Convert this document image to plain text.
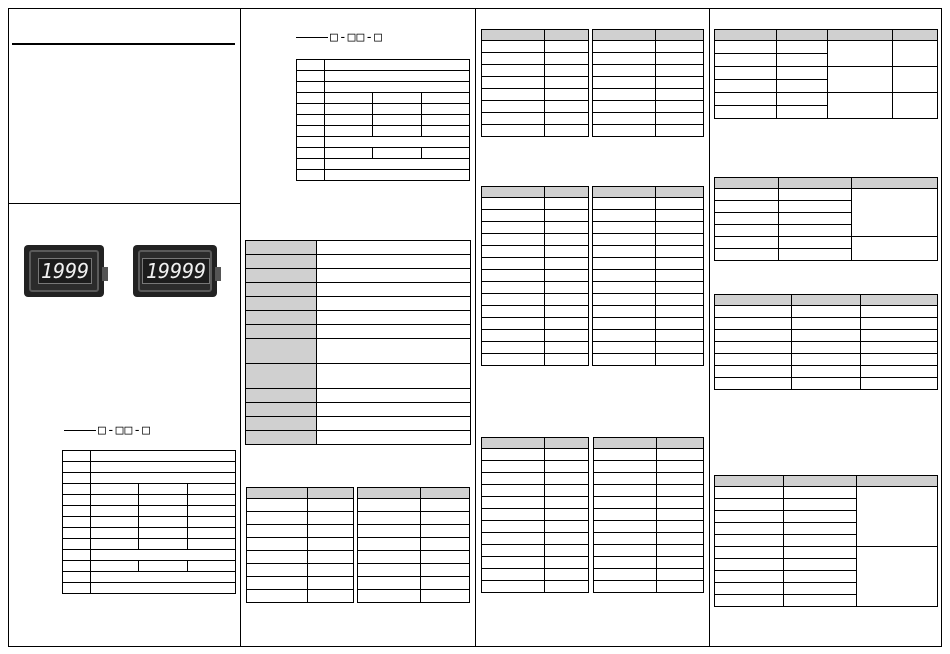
1999	19999
□-□□-□
□-□□-□
